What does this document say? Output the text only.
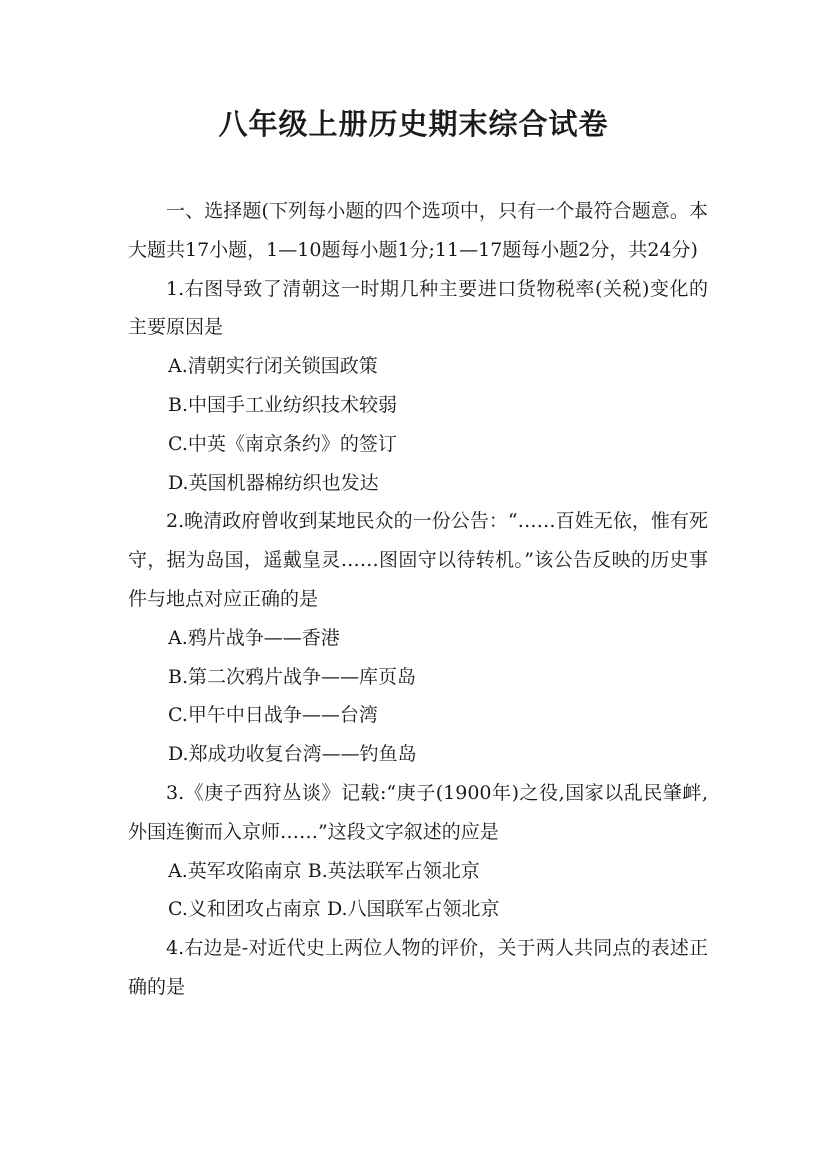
八年级上册历史期末综合试卷

一、选择题(下列每小题的四个选项中，只有一个最符合题意。本大题共17小题，1—10题每小题1分;11—17题每小题2分，共24分)

1.右图导致了清朝这一时期几种主要进口货物税率(关税)变化的主要原因是

A.清朝实行闭关锁国政策

B.中国手工业纺织技术较弱

C.中英《南京条约》的签订

D.英国机器棉纺织也发达

2.晚清政府曾收到某地民众的一份公告：“……百姓无依，惟有死守，据为岛国，遥戴皇灵……图固守以待转机。”该公告反映的历史事件与地点对应正确的是

A.鸦片战争——香港

B.第二次鸦片战争——库页岛

C.甲午中日战争——台湾

D.郑成功收复台湾——钓鱼岛

3.《庚子西狩丛谈》记载:“庚子(1900年)之役,国家以乱民肇衅,外国连衡而入京师……”这段文字叙述的应是

A.英军攻陷南京 B.英法联军占领北京

C.义和团攻占南京 D.八国联军占领北京

4.右边是-对近代史上两位人物的评价，关于两人共同点的表述正确的是
